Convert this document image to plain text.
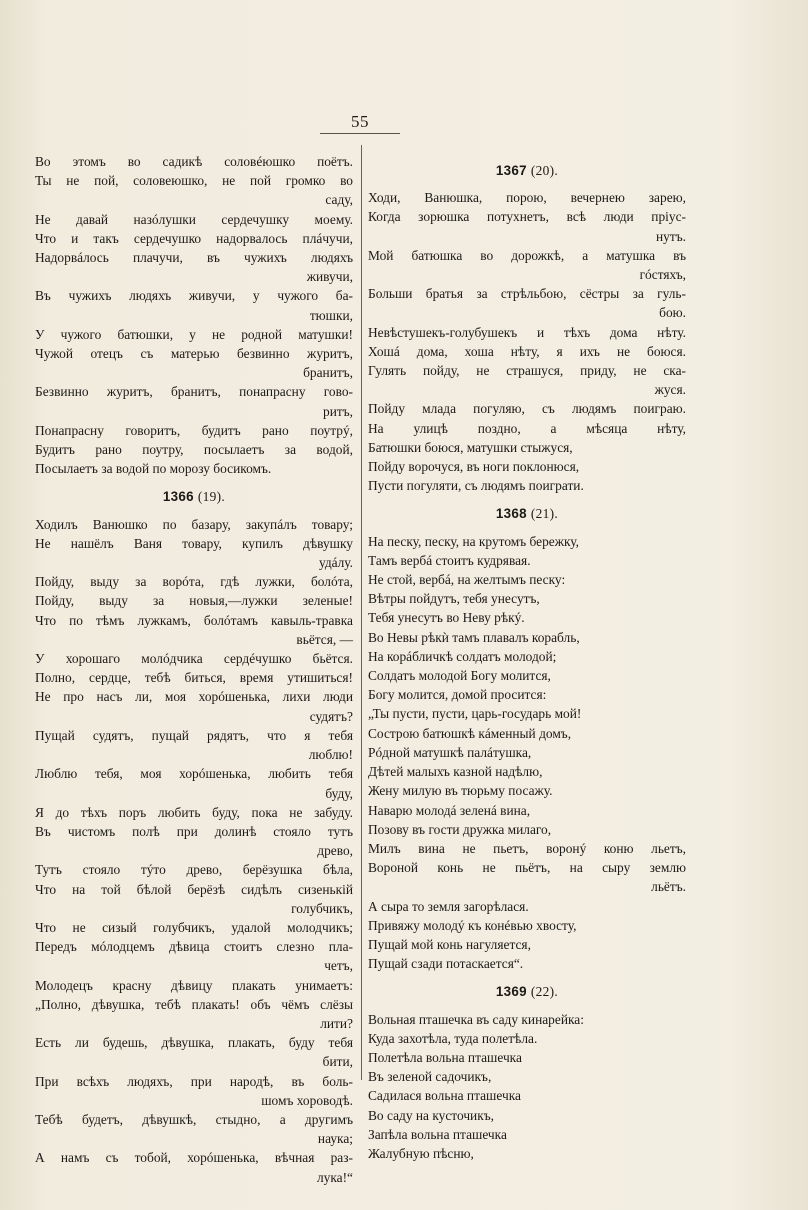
55
Во этомъ во садикѣ соловéюшко поётъ.
Ты не пой, соловеюшко, не пой громко во
саду,
Не давай назóлушки сердечушку моему.
Что и такъ сердечушко надорвалось плáчучи,
Надорвáлось плачучи, въ чужихъ людяхъ
живучи,
Въ чужихъ людяхъ живучи, у чужого ба-
тюшки,
У чужого батюшки, у не родной матушки!
Чужой отецъ съ матерью безвинно журитъ,
бранитъ,
Безвинно журитъ, бранитъ, понапрасну гово-
ритъ,
Понапрасну говоритъ, будитъ рано поутрý,
Будитъ рано поутру, посылаетъ за водой,
Посылаетъ за водой по морозу босикомъ.
1366 (19).
Ходилъ Ванюшко по базару, закупáлъ товару;
Не нашёлъ Ваня товару, купилъ дѣвушку
удáлу.
Пойду, выду за ворóта, гдѣ лужки, болóта,
Пойду, выду за новыя,—лужки зеленые!
Что по тѣмъ лужкамъ, болóтамъ кавыль-травка
вьётся, —
У хорошаго молóдчика сердéчушко бьётся.
Полно, сердце, тебѣ биться, время утишиться!
Не про насъ ли, моя хорóшенька, лихи люди
судятъ?
Пущай судятъ, пущай рядятъ, что я тебя
люблю!
Люблю тебя, моя хорóшенька, любить тебя
буду,
Я до тѣхъ поръ любить буду, пока не забуду.
Въ чистомъ полѣ при долинѣ стояло тутъ
древо,
Тутъ стояло тýто древо, берёзушка бѣла,
Что на той бѣлой берёзѣ сидѣлъ сизенькій
голубчикъ,
Что не сизый голубчикъ, удалой молодчикъ;
Передъ мóлодцемъ дѣвица стоитъ слезно пла-
четъ,
Молодецъ красну дѣвицу плакать унимаетъ:
„Полно, дѣвушка, тебѣ плакать! объ чёмъ слёзы
лити?
Есть ли будешь, дѣвушка, плакать, буду тебя
бити,
При всѣхъ людяхъ, при народѣ, въ боль-
шомъ хороводѣ.
Тебѣ будетъ, дѣвушкѣ, стыдно, а другимъ
наука;
А намъ съ тобой, хорóшенька, вѣчная раз-
лука!“
1367 (20).
Ходи, Ванюшка, порою, вечернею зарею,
Когда зорюшка потухнетъ, всѣ люди пріус-
нутъ.
Мой батюшка во дорожкѣ, а матушка въ
гóстяхъ,
Больши братья за стрѣльбою, сёстры за гуль-
бою.
Невѣстушекъ-голубушекъ и тѣхъ дома нѣту.
Хошá дома, хоша нѣту, я ихъ не боюся.
Гулять пойду, не страшуся, приду, не ска-
жуся.
Пойду млада погуляю, съ людямъ поиграю.
На улицѣ поздно, а мѣсяца нѣту,
Батюшки боюся, матушки стыжуся,
Пойду ворочуся, въ ноги поклонюся,
Пусти погуляти, съ людямъ поиграти.
1368 (21).
На песку, песку, на крутомъ бережку,
Тамъ вербá стоитъ кудрявая.
Не стой, вербá, на желтымъ песку:
Вѣтры пойдутъ, тебя унесутъ,
Тебя унесутъ во Неву рѣкý.
Во Невы рѣкѝ тамъ плавалъ корабль,
На корáбличкѣ солдатъ молодой;
Солдатъ молодой Богу молится,
Богу молится, домой просится:
„Ты пусти, пусти, царь-государь мой!
Сострою батюшкѣ кáменный домъ,
Рóдной матушкѣ палáтушка,
Дѣтей малыхъ казной надѣлю,
Жену милую въ тюрьму посажу.
Наварю молодá зеленá вина,
Позову въ гости дружка милаго,
Милъ вина не пьетъ, воронý коню льетъ,
Вороной конь не пьётъ, на сыру землю
льётъ.
А сыра то земля загорѣлася.
Привяжу молодý къ конéвью хвосту,
Пущай мой конь нагуляется,
Пущай сзади потаскается“.
1369 (22).
Вольная пташечка въ саду кинарейка:
Куда захотѣла, туда полетѣла.
Полетѣла вольна пташечка
Въ зеленой садочикъ,
Садилася вольна пташечка
Во саду на кусточикъ,
Запѣла вольна пташечка
Жалубную пѣсню,
